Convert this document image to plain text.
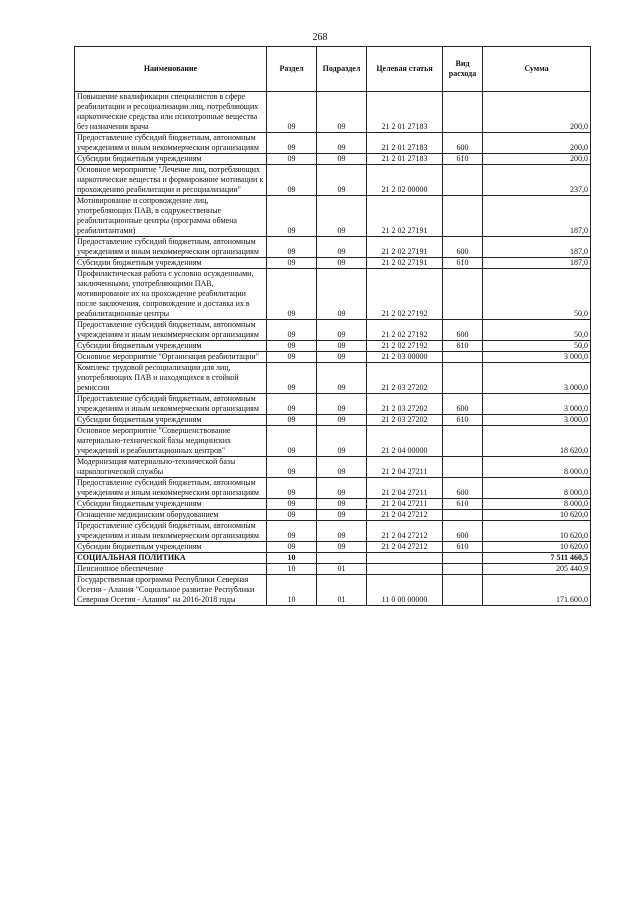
268
Наименование	Раздел	Подраздел	Целевая статья	Вид расхода	Сумма
Повышение квалификации специалистов в сфере реабилитации и ресоциализации лиц, потребляющих наркотические средства или психотропные вещества без назначения врача	09	09	21 2 01 27183		200,0
Предоставление субсидий бюджетным, автономным учреждениям и иным некоммерческим организациям	09	09	21 2 01 27183	600	200,0
Субсидии бюджетным учреждениям	09	09	21 2 01 27183	610	200,0
Основное мероприятие "Лечение лиц, потребляющих наркотические вещества и формирование мотивации к прохождению реабилитации и ресоциализации"	09	09	21 2 02 00000		237,0
Мотивирование и сопровождение лиц, употребляющих ПАВ, в содружественные реабилитационные центры (программа обмена реабилитантами)	09	09	21 2 02 27191		187,0
Предоставление субсидий бюджетным, автономным учреждениям и иным некоммерческим организациям	09	09	21 2 02 27191	600	187,0
Субсидии бюджетным учреждениям	09	09	21 2 02 27191	610	187,0
Профилактическая работа с условно осужденными, заключенными, употребляющими ПАВ, мотивирование их на прохождение реабилитации после заключения, сопровождение и доставка их в реабилитационные центры	09	09	21 2 02 27192		50,0
Предоставление субсидий бюджетным, автономным учреждениям и иным некоммерческим организациям	09	09	21 2 02 27192	600	50,0
Субсидии бюджетным учреждениям	09	09	21 2 02 27192	610	50,0
Основное мероприятие "Организация реабилитации"	09	09	21 2 03 00000		3 000,0
Комплекс трудовой ресоциализации для лиц, употребляющих ПАВ и находящихся в стойкой ремиссии	09	09	21 2 03 27202		3 000,0
Предоставление субсидий бюджетным, автономным учреждениям и иным некоммерческим организациям	09	09	21 2 03 27202	600	3 000,0
Субсидии бюджетным учреждениям	09	09	21 2 03 27202	610	3 000,0
Основное мероприятие "Совершенствование материально-технической базы медицинских учреждений и реабилитационных центров"	09	09	21 2 04 00000		18 620,0
Модернизация материально-технической базы наркологической службы	09	09	21 2 04 27211		8 000,0
Предоставление субсидий бюджетным, автономным учреждениям и иным некоммерческим организациям	09	09	21 2 04 27211	600	8 000,0
Субсидии бюджетным учреждениям	09	09	21 2 04 27211	610	8 000,0
Оснащение медицинским оборудованием	09	09	21 2 04 27212		10 620,0
Предоставление субсидий бюджетным, автономным учреждениям и иным некоммерческим организациям	09	09	21 2 04 27212	600	10 620,0
Субсидии бюджетным учреждениям	09	09	21 2 04 27212	610	10 620,0
СОЦИАЛЬНАЯ ПОЛИТИКА	10				7 511 460,5
Пенсионное обеспечение	10	01			205 440,9
Государственная программа Республики Северная Осетия - Алания "Социальное развитие Республики Северная Осетия - Алания" на 2016-2018 годы	10	01	11 0 00 00000		171 600,0
